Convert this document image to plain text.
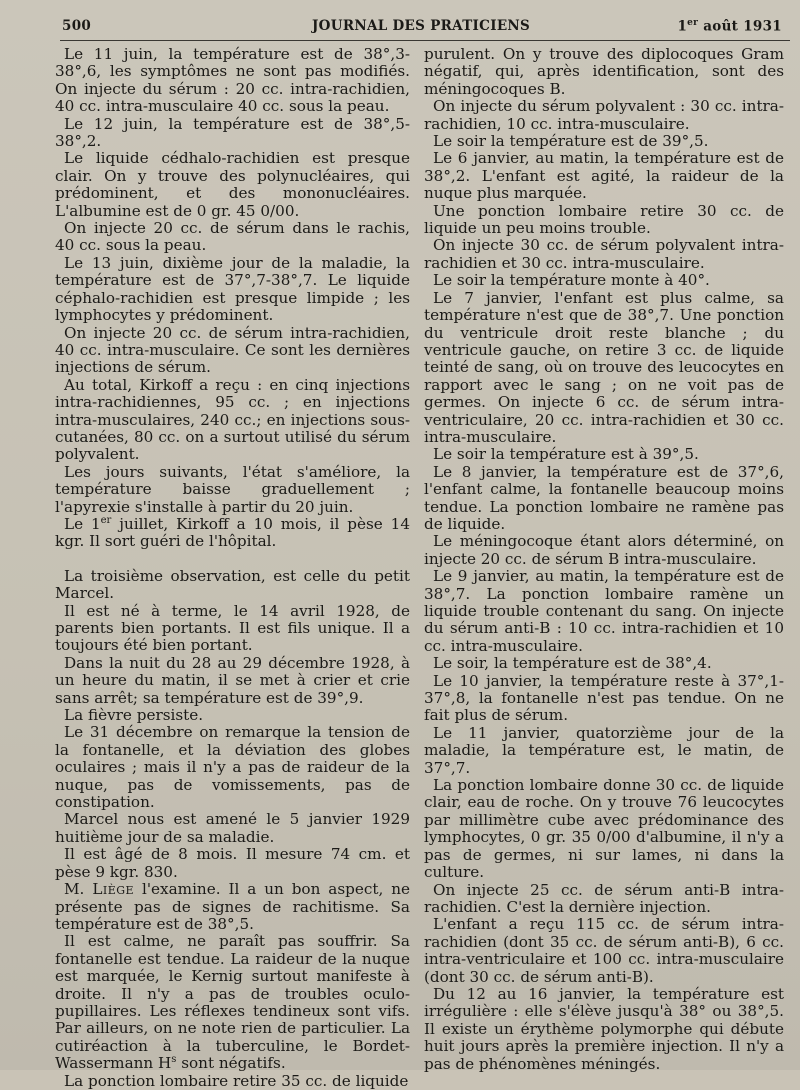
500	JOURNAL DES PRATICIENS	1er août 1931

Le 11 juin, la température est de 38°,3-38°,6, les symptômes ne sont pas modifiés. On injecte du sérum : 20 cc. intra-rachidien, 40 cc. intra-musculaire 40 cc. sous la peau.

Le 12 juin, la température est de 38°,5-38°,2.

Le liquide cédhalo-rachidien est presque clair. On y trouve des polynucléaires, qui prédominent, et des mononucléaires. L'albumine est de 0 gr. 45 0/00.

On injecte 20 cc. de sérum dans le rachis, 40 cc. sous la peau.

Le 13 juin, dixième jour de la maladie, la température est de 37°,7-38°,7. Le liquide céphalo-rachidien est presque limpide ; les lymphocytes y prédominent.

On injecte 20 cc. de sérum intra-rachidien, 40 cc. intra-musculaire. Ce sont les dernières injections de sérum.

Au total, Kirkoff a reçu : en cinq injections intra-rachidiennes, 95 cc. ; en injections intra-musculaires, 240 cc.; en injections sous-cutanées, 80 cc. on a surtout utilisé du sérum polyvalent.

Les jours suivants, l'état s'améliore, la température baisse graduellement ; l'apyrexie s'installe à partir du 20 juin.

Le 1er juillet, Kirkoff a 10 mois, il pèse 14 kgr. Il sort guéri de l'hôpital.

La troisième observation, est celle du petit Marcel.

Il est né à terme, le 14 avril 1928, de parents bien portants. Il est fils unique. Il a toujours été bien portant.

Dans la nuit du 28 au 29 décembre 1928, à un heure du matin, il se met à crier et crie sans arrêt; sa température est de 39°,9.

La fièvre persiste.

Le 31 décembre on remarque la tension de la fontanelle, et la déviation des globes oculaires ; mais il n'y a pas de raideur de la nuque, pas de vomissements, pas de constipation.

Marcel nous est amené le 5 janvier 1929 huitième jour de sa maladie.

Il est âgé de 8 mois. Il mesure 74 cm. et pèse 9 kgr. 830.

M. Liège l'examine. Il a un bon aspect, ne présente pas de signes de rachitisme. Sa température est de 38°,5.

Il est calme, ne paraît pas souffrir. Sa fontanelle est tendue. La raideur de la nuque est marquée, le Kernig surtout manifeste à droite. Il n'y a pas de troubles oculo-pupillaires. Les réflexes tendineux sont vifs. Par ailleurs, on ne note rien de particulier. La cutiréaction à la tuberculine, le Bordet-Wassermann $H^s$ sont négatifs.

La ponction lombaire retire 35 cc. de liquide

purulent. On y trouve des diplocoques Gram négatif, qui, après identification, sont des méningocoques B.

On injecte du sérum polyvalent : 30 cc. intra-rachidien, 10 cc. intra-musculaire.

Le soir la température est de 39°,5.

Le 6 janvier, au matin, la température est de 38°,2. L'enfant est agité, la raideur de la nuque plus marquée.

Une ponction lombaire retire 30 cc. de liquide un peu moins trouble.

On injecte 30 cc. de sérum polyvalent intra-rachidien et 30 cc. intra-musculaire.

Le soir la température monte à 40°.

Le 7 janvier, l'enfant est plus calme, sa température n'est que de 38°,7. Une ponction du ventricule droit reste blanche ; du ventricule gauche, on retire 3 cc. de liquide teinté de sang, où on trouve des leucocytes en rapport avec le sang ; on ne voit pas de germes. On injecte 6 cc. de sérum intra-ventriculaire, 20 cc. intra-rachidien et 30 cc. intra-musculaire.

Le soir la température est à 39°,5.

Le 8 janvier, la température est de 37°,6, l'enfant calme, la fontanelle beaucoup moins tendue. La ponction lombaire ne ramène pas de liquide.

Le méningocoque étant alors déterminé, on injecte 20 cc. de sérum B intra-musculaire.

Le 9 janvier, au matin, la température est de 38°,7. La ponction lombaire ramène un liquide trouble contenant du sang. On injecte du sérum anti-B : 10 cc. intra-rachidien et 10 cc. intra-musculaire.

Le soir, la température est de 38°,4.

Le 10 janvier, la température reste à 37°,1-37°,8, la fontanelle n'est pas tendue. On ne fait plus de sérum.

Le 11 janvier, quatorzième jour de la maladie, la température est, le matin, de 37°,7.

La ponction lombaire donne 30 cc. de liquide clair, eau de roche. On y trouve 76 leucocytes par millimètre cube avec prédominance des lymphocytes, 0 gr. 35 0/00 d'albumine, il n'y a pas de germes, ni sur lames, ni dans la culture.

On injecte 25 cc. de sérum anti-B intra-rachidien. C'est la dernière injection.

L'enfant a reçu 115 cc. de sérum intra-rachidien (dont 35 cc. de sérum anti-B), 6 cc. intra-ventriculaire et 100 cc. intra-musculaire (dont 30 cc. de sérum anti-B).

Du 12 au 16 janvier, la température est irrégulière : elle s'élève jusqu'à 38° ou 38°,5. Il existe un érythème polymorphe qui débute huit jours après la première injection. Il n'y a pas de phénomènes méningés.
